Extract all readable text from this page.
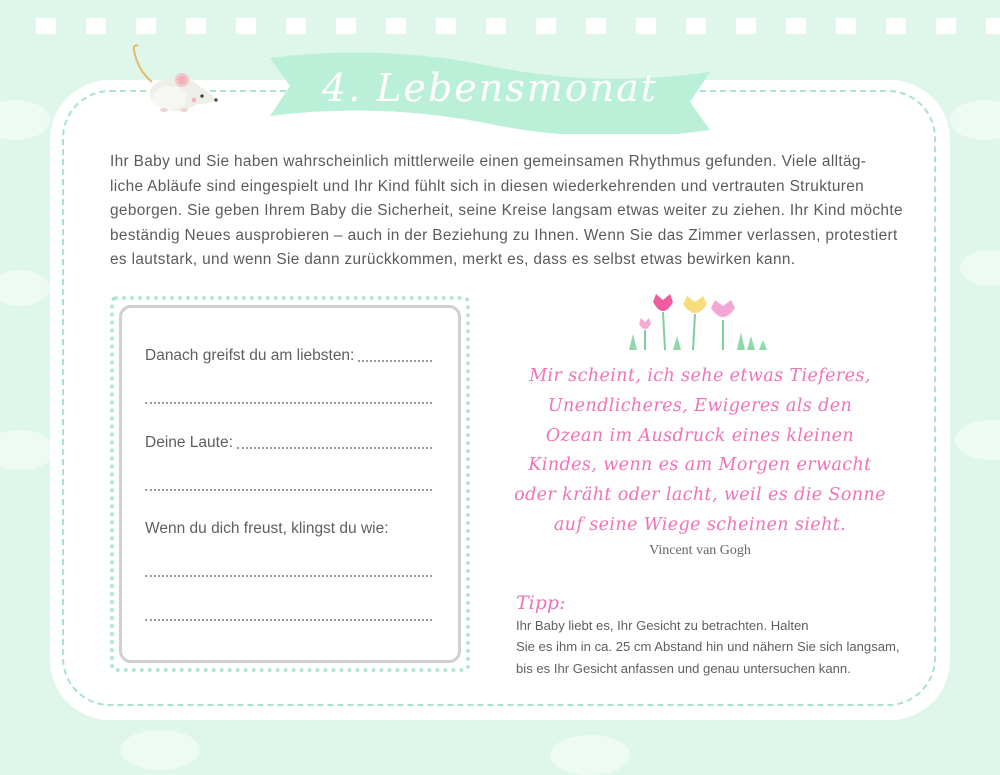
4. Lebensmonat

Ihr Baby und Sie haben wahrscheinlich mittlerweile einen gemeinsamen Rhythmus gefunden. Viele alltäg-
liche Abläufe sind eingespielt und Ihr Kind fühlt sich in diesen wiederkehrenden und vertrauten Strukturen
geborgen. Sie geben Ihrem Baby die Sicherheit, seine Kreise langsam etwas weiter zu ziehen. Ihr Kind möchte
beständig Neues ausprobieren – auch in der Beziehung zu Ihnen. Wenn Sie das Zimmer verlassen, protestiert
es lautstark, und wenn Sie dann zurückkommen, merkt es, dass es selbst etwas bewirken kann.

Danach greifst du am liebsten:
Deine Laute:
Wenn du dich freust, klingst du wie:

Mir scheint, ich sehe etwas Tieferes,
Unendlicheres, Ewigeres als den
Ozean im Ausdruck eines kleinen
Kindes, wenn es am Morgen erwacht
oder kräht oder lacht, weil es die Sonne
auf seine Wiege scheinen sieht.

Vincent van Gogh

Tipp:
Ihr Baby liebt es, Ihr Gesicht zu betrachten. Halten
Sie es ihm in ca. 25 cm Abstand hin und nähern Sie sich langsam,
bis es Ihr Gesicht anfassen und genau untersuchen kann.
